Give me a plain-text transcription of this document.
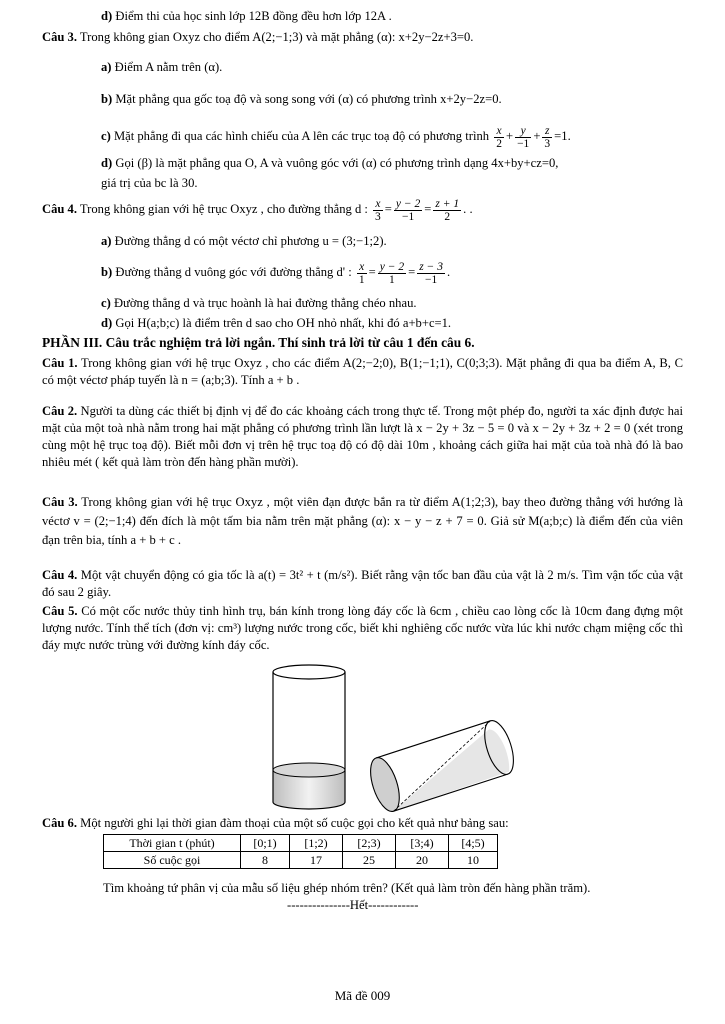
d) Điểm thi của học sinh lớp 12B đồng đều hơn lớp 12A .
Câu 3. Trong không gian Oxyz cho điểm A(2;−1;3) và mặt phẳng (α): x+2y−2z+3=0.
a) Điểm A nằm trên (α).
b) Mặt phẳng qua gốc toạ độ và song song với (α) có phương trình x+2y−2z=0.
c) Mặt phẳng đi qua các hình chiếu của A lên các trục toạ độ có phương trình $\frac{x}{2} + \frac{y}{-1} + \frac{z}{3} =1$.
d) Gọi (β) là mặt phẳng qua O, A và vuông góc với (α) có phương trình dạng 4x+by+cz=0,
giá trị của bc là 30.
Câu 4. Trong không gian với hệ trục Oxyz , cho đường thẳng d : $\frac{x}{3} = \frac{y - 2}{-1} = \frac{z + 1}{2}$ . .
a) Đường thẳng d có một véctơ chỉ phương u = (3;−1;2).
b) Đường thẳng d vuông góc với đường thẳng d' : $\frac{x}{1} = \frac{y - 2}{1} = \frac{z - 3}{-1}$ .
c) Đường thẳng d và trục hoành là hai đường thẳng chéo nhau.
d) Gọi H(a;b;c) là điểm trên d sao cho OH nhỏ nhất, khi đó a+b+c=1.
PHẦN III. Câu trắc nghiệm trả lời ngắn. Thí sinh trả lời từ câu 1 đến câu 6.
Câu 1. Trong không gian với hệ trục Oxyz , cho các điểm A(2;−2;0), B(1;−1;1), C(0;3;3). Mặt phẳng đi qua ba điểm A, B, C có một véctơ pháp tuyến là n = (a;b;3). Tính a + b .
Câu 2. Người ta dùng các thiết bị định vị để đo các khoảng cách trong thực tế. Trong một phép đo, người ta xác định được hai mặt của một toà nhà nằm trong hai mặt phẳng có phương trình lần lượt là x − 2y + 3z − 5 = 0 và x − 2y + 3z + 2 = 0 (xét trong cùng một hệ trục toạ độ). Biết mỗi đơn vị trên hệ trục toạ độ có độ dài 10m , khoảng cách giữa hai mặt của toà nhà đó là bao nhiêu mét ( kết quả làm tròn đến hàng phần mười).
Câu 3. Trong không gian với hệ trục Oxyz , một viên đạn được bắn ra từ điểm A(1;2;3), bay theo đường thẳng với hướng là véctơ v = (2;−1;4) đến đích là một tấm bia nằm trên mặt phẳng (α): x − y − z + 7 = 0. Giả sử M(a;b;c) là điểm đến của viên đạn trên bia, tính a + b + c .
Câu 4. Một vật chuyển động có gia tốc là a(t) = 3t² + t (m/s²). Biết rằng vận tốc ban đầu của vật là 2 m/s. Tìm vận tốc của vật đó sau 2 giây.
Câu 5. Có một cốc nước thủy tinh hình trụ, bán kính trong lòng đáy cốc là 6cm , chiều cao lòng cốc là 10cm đang đựng một lượng nước. Tính thể tích (đơn vị: cm³) lượng nước trong cốc, biết khi nghiêng cốc nước vừa lúc khi nước chạm miệng cốc thì đáy mực nước trùng với đường kính đáy cốc.
Câu 6. Một người ghi lại thời gian đàm thoại của một số cuộc gọi cho kết quả như bảng sau:
Thời gian t (phút)	[0;1)	[1;2)	[2;3)	[3;4)	[4;5)
Số cuộc gọi	8	17	25	20	10
Tìm khoảng tứ phân vị của mẫu số liệu ghép nhóm trên? (Kết quả làm tròn đến hàng phần trăm).
---------------Hết------------
Mã đề 009
